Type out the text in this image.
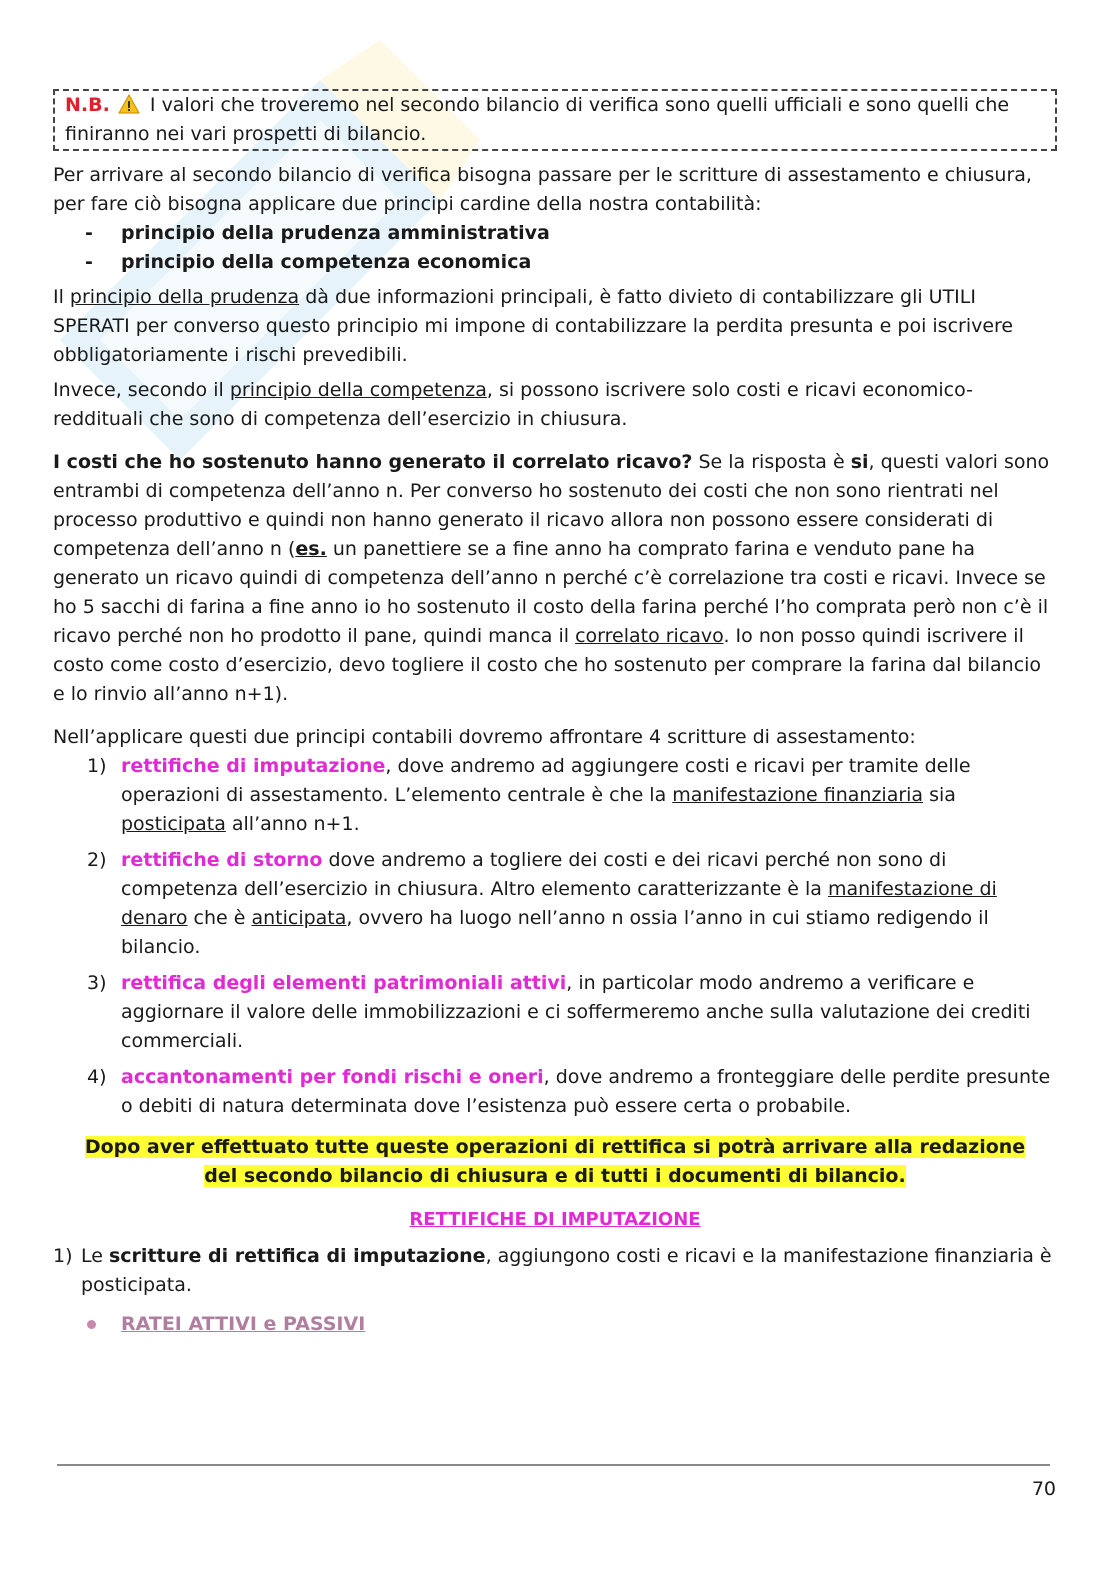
N.B. I valori che troveremo nel secondo bilancio di verifica sono quelli ufficiali e sono quelli che finiranno nei vari prospetti di bilancio.

Per arrivare al secondo bilancio di verifica bisogna passare per le scritture di assestamento e chiusura, per fare ciò bisogna applicare due principi cardine della nostra contabilità:

- principio della prudenza amministrativa
- principio della competenza economica

Il principio della prudenza dà due informazioni principali, è fatto divieto di contabilizzare gli UTILI SPERATI per converso questo principio mi impone di contabilizzare la perdita presunta e poi iscrivere obbligatoriamente i rischi prevedibili.

Invece, secondo il principio della competenza, si possono iscrivere solo costi e ricavi economico-reddituali che sono di competenza dell’esercizio in chiusura.

I costi che ho sostenuto hanno generato il correlato ricavo? Se la risposta è si, questi valori sono entrambi di competenza dell’anno n. Per converso ho sostenuto dei costi che non sono rientrati nel processo produttivo e quindi non hanno generato il ricavo allora non possono essere considerati di competenza dell’anno n (es. un panettiere se a fine anno ha comprato farina e venduto pane ha generato un ricavo quindi di competenza dell’anno n perché c’è correlazione tra costi e ricavi. Invece se ho 5 sacchi di farina a fine anno io ho sostenuto il costo della farina perché l’ho comprata però non c’è il ricavo perché non ho prodotto il pane, quindi manca il correlato ricavo. Io non posso quindi iscrivere il costo come costo d’esercizio, devo togliere il costo che ho sostenuto per comprare la farina dal bilancio e lo rinvio all’anno n+1).

Nell’applicare questi due principi contabili dovremo affrontare 4 scritture di assestamento:

1) rettifiche di imputazione, dove andremo ad aggiungere costi e ricavi per tramite delle operazioni di assestamento. L’elemento centrale è che la manifestazione finanziaria sia posticipata all’anno n+1.
2) rettifiche di storno dove andremo a togliere dei costi e dei ricavi perché non sono di competenza dell’esercizio in chiusura. Altro elemento caratterizzante è la manifestazione di denaro che è anticipata, ovvero ha luogo nell’anno n ossia l’anno in cui stiamo redigendo il bilancio.
3) rettifica degli elementi patrimoniali attivi, in particolar modo andremo a verificare e aggiornare il valore delle immobilizzazioni e ci soffermeremo anche sulla valutazione dei crediti commerciali.
4) accantonamenti per fondi rischi e oneri, dove andremo a fronteggiare delle perdite presunte o debiti di natura determinata dove l’esistenza può essere certa o probabile.
Dopo aver effettuato tutte queste operazioni di rettifica si potrà arrivare alla redazione
del secondo bilancio di chiusura e di tutti i documenti di bilancio.
RETTIFICHE DI IMPUTAZIONE

1) Le scritture di rettifica di imputazione, aggiungono costi e ricavi e la manifestazione finanziaria è posticipata.

RATEI ATTIVI e PASSIVI
70
